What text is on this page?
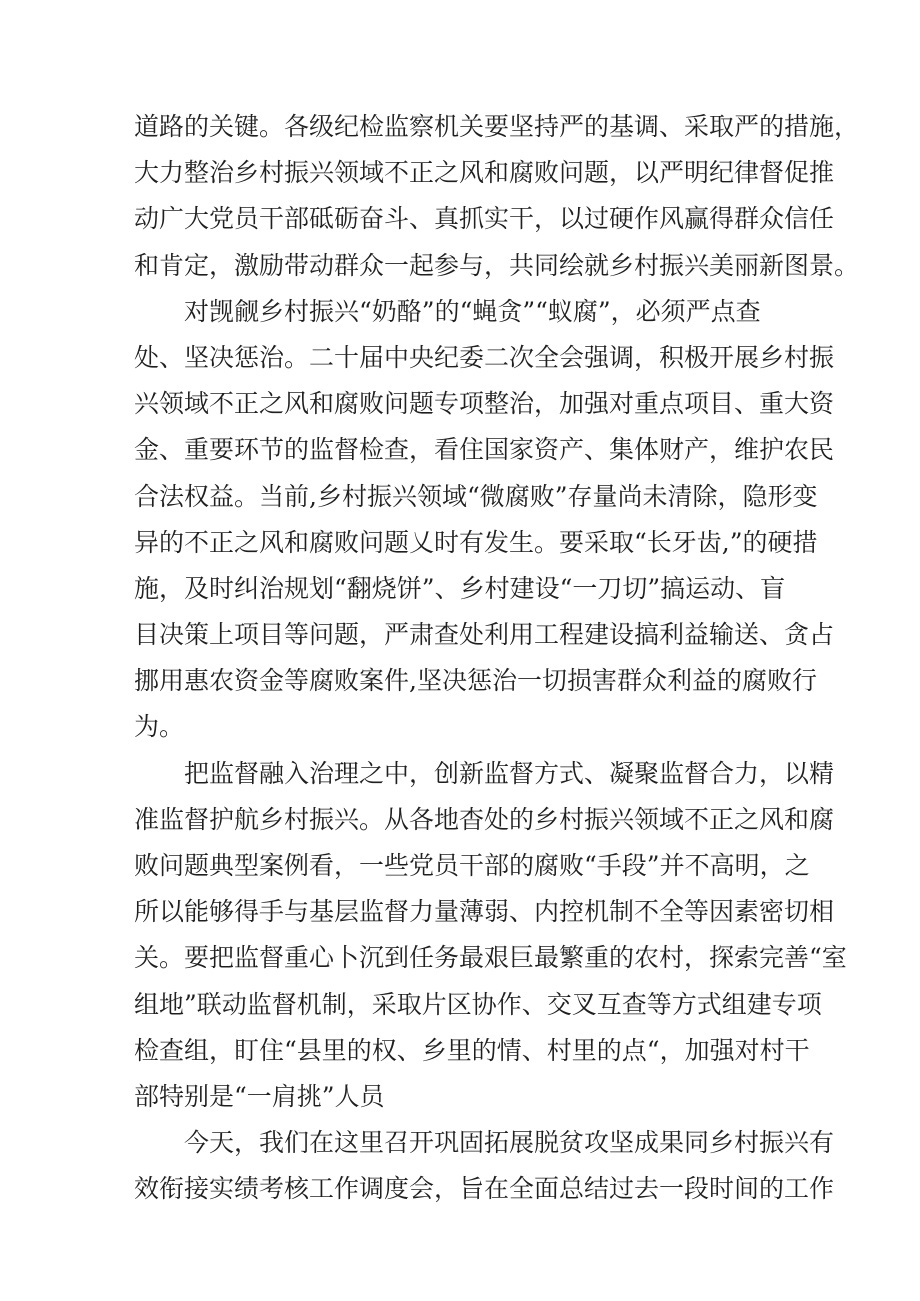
道路的关键。各级纪检监察机关要坚持严的基调、采取严的措施，
大力整治乡村振兴领域不正之风和腐败问题，以严明纪律督促推
动广大党员干部砥砺奋斗、真抓实干，以过硬作风赢得群众信任
和肯定，激励带动群众一起参与，共同绘就乡村振兴美丽新图景。
　　对觊觎乡村振兴“奶酪”的“蝇贪”“蚁腐”，必须严点查
处、坚决惩治。二十届中央纪委二次全会强调，积极开展乡村振
兴领域不正之风和腐败问题专项整治，加强对重点项目、重大资
金、重要环节的监督检查，看住国家资产、集体财产，维护农民
合法权益。当前,乡村振兴领域“微腐败”存量尚未清除，隐形变
异的不正之风和腐败问题乂时有发生。要采取“长牙齿,”的硬措
施，及时纠治规划“翻烧饼”、乡村建设“一刀切”搞运动、盲
目决策上项目等问题，严肃查处利用工程建设搞利益输送、贪占
挪用惠农资金等腐败案件,坚决惩治一切损害群众利益的腐败行
为。
　　把监督融入治理之中，创新监督方式、凝聚监督合力，以精
准监督护航乡村振兴。从各地杳处的乡村振兴领域不正之风和腐
败问题典型案例看，一些党员干部的腐败“手段”并不高明，之
所以能够得手与基层监督力量薄弱、内控机制不全等因素密切相
关。要把监督重心卜沉到任务最艰巨最繁重的农村，探索完善“室
组地”联动监督机制，采取片区协作、交叉互查等方式组建专项
检查组，盯住“县里的权、乡里的情、村里的点“，加强对村干
部特别是“一肩挑”人员
　　今天，我们在这里召开巩固拓展脱贫攻坚成果同乡村振兴有
效衔接实绩考核工作调度会，旨在全面总结过去一段时间的工作
